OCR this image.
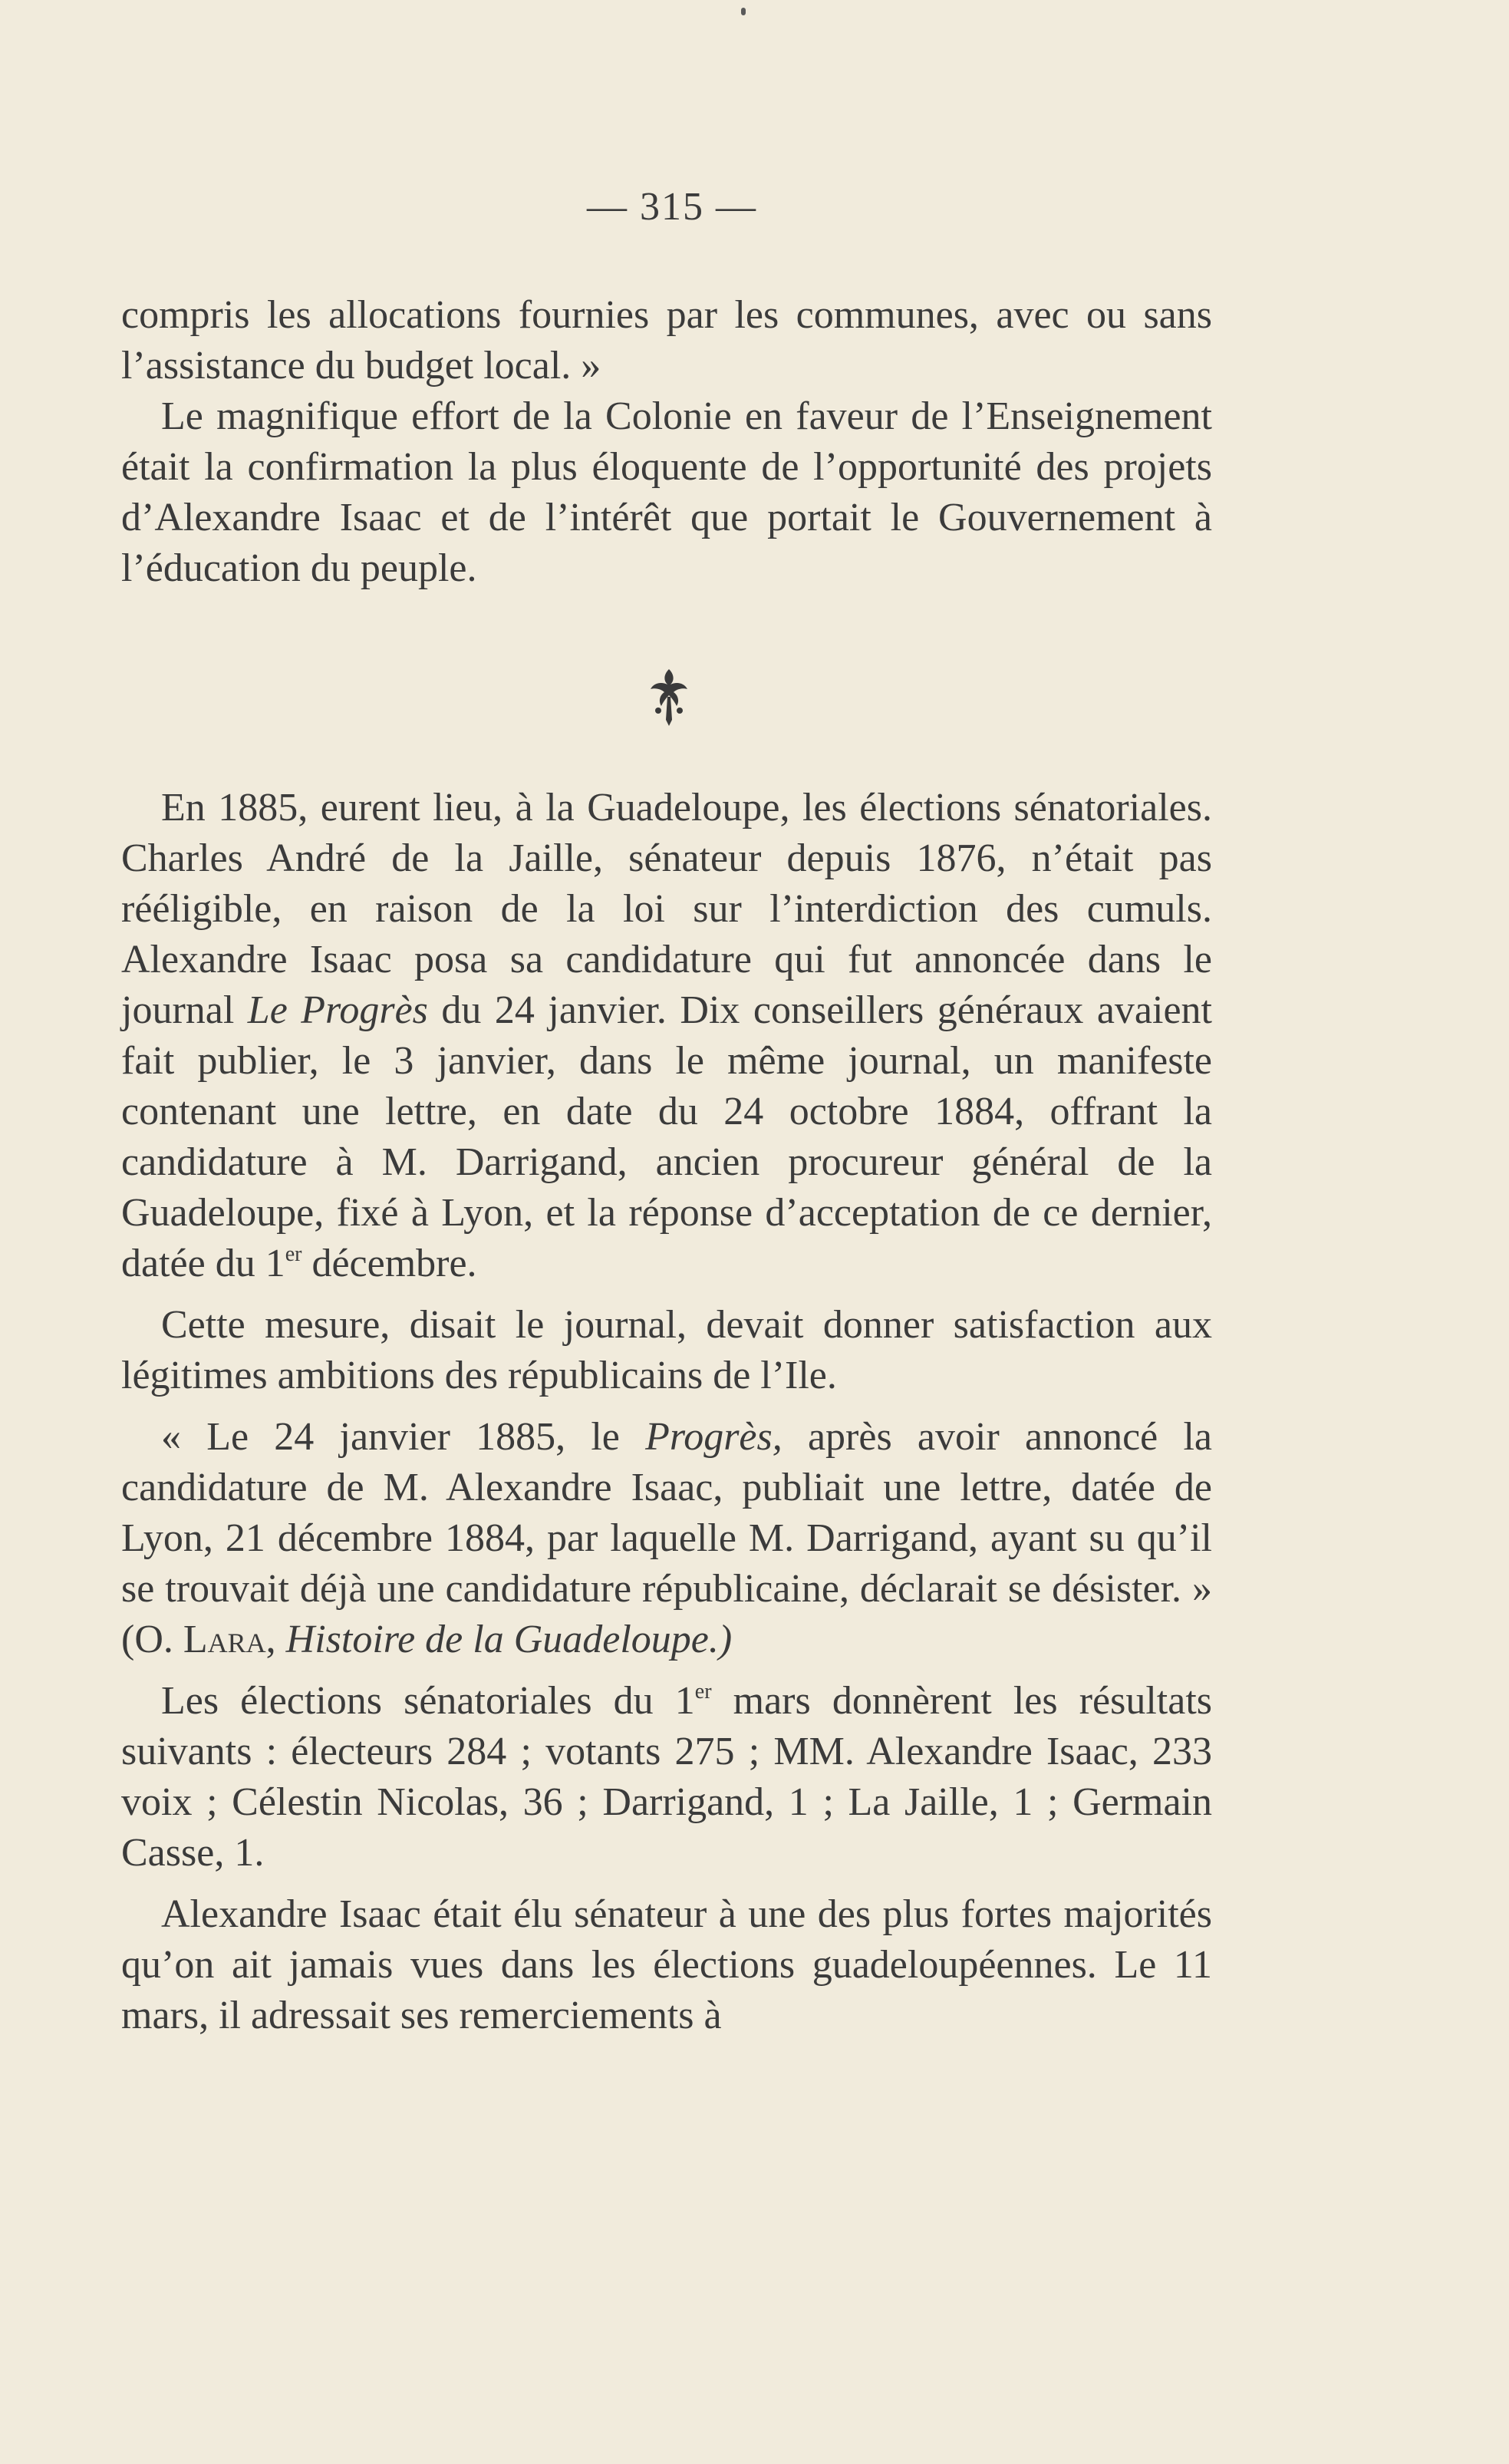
— 315 —

compris les allocations fournies par les communes, avec ou sans l’assistance du budget local. »

Le magnifique effort de la Colonie en faveur de l’Enseignement était la confirmation la plus éloquente de l’opportunité des projets d’Alexandre Isaac et de l’intérêt que portait le Gouvernement à l’éducation du peuple.

En 1885, eurent lieu, à la Guadeloupe, les élections sénatoriales. Charles André de la Jaille, sénateur depuis 1876, n’était pas rééligible, en raison de la loi sur l’interdiction des cumuls. Alexandre Isaac posa sa candidature qui fut annoncée dans le journal Le Progrès du 24 janvier. Dix conseillers généraux avaient fait publier, le 3 janvier, dans le même journal, un manifeste contenant une lettre, en date du 24 octobre 1884, offrant la candidature à M. Darrigand, ancien procureur général de la Guadeloupe, fixé à Lyon, et la réponse d’acceptation de ce dernier, datée du 1er décembre.

Cette mesure, disait le journal, devait donner satisfaction aux légitimes ambitions des républicains de l’Ile.

« Le 24 janvier 1885, le Progrès, après avoir annoncé la candidature de M. Alexandre Isaac, publiait une lettre, datée de Lyon, 21 décembre 1884, par laquelle M. Darrigand, ayant su qu’il se trouvait déjà une candidature républicaine, déclarait se désister. » (O. Lara, Histoire de la Guadeloupe.)

Les élections sénatoriales du 1er mars donnèrent les résultats suivants : électeurs 284 ; votants 275 ; MM. Alexandre Isaac, 233 voix ; Célestin Nicolas, 36 ; Darrigand, 1 ; La Jaille, 1 ; Germain Casse, 1.

Alexandre Isaac était élu sénateur à une des plus fortes majorités qu’on ait jamais vues dans les élections guadeloupéennes. Le 11 mars, il adressait ses remerciements à
